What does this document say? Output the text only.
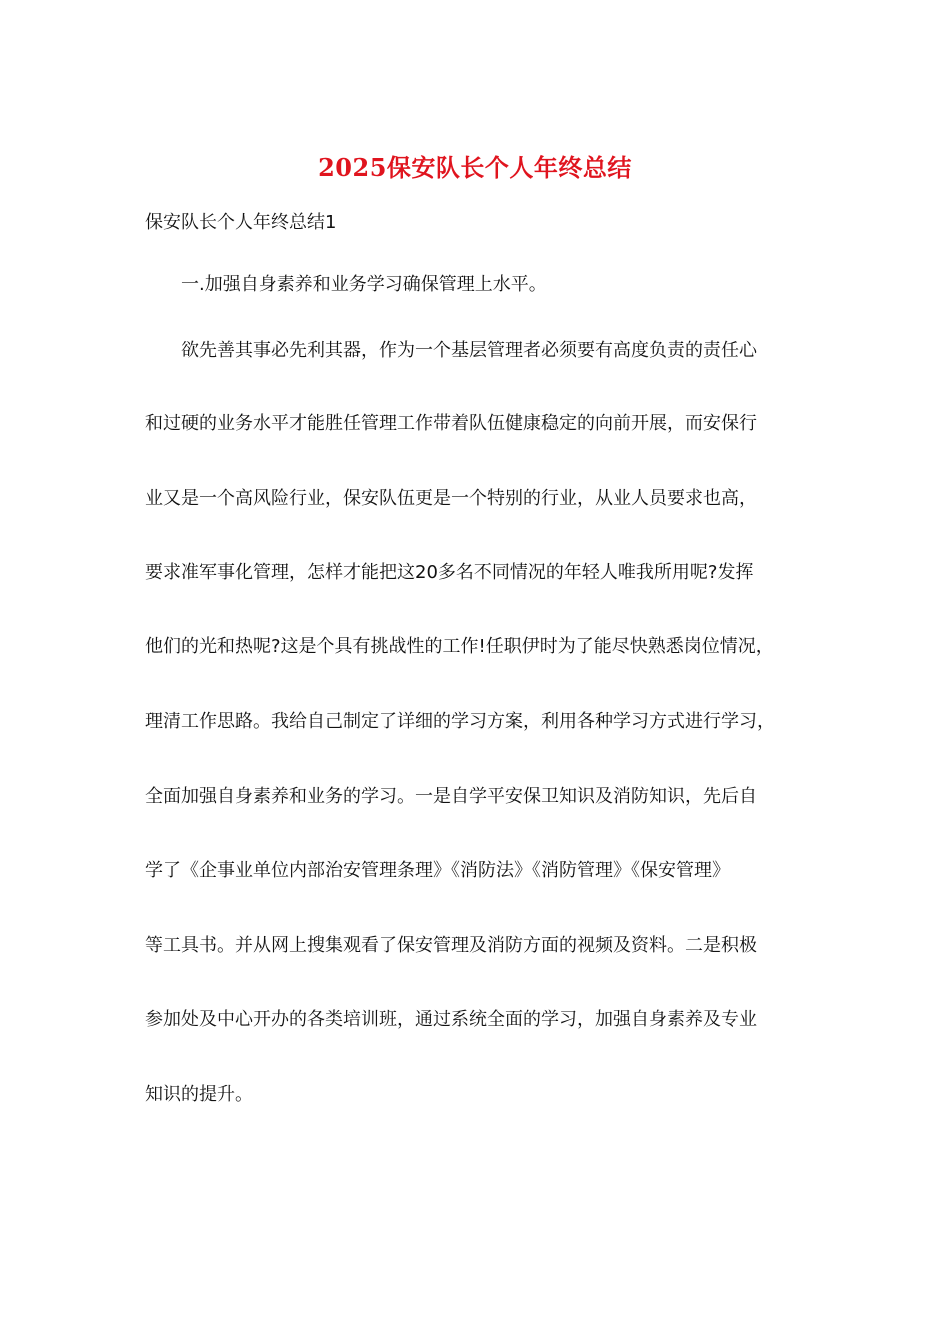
2025保安队长个人年终总结
保安队长个人年终总结1
一.加强自身素养和业务学习确保管理上水平。
　　欲先善其事必先利其器，作为一个基层管理者必须要有高度负责的责任心
和过硬的业务水平才能胜任管理工作带着队伍健康稳定的向前开展，而安保行
业又是一个高风险行业，保安队伍更是一个特别的行业，从业人员要求也高，
要求准军事化管理，怎样才能把这20多名不同情况的年轻人唯我所用呢?发挥
他们的光和热呢?这是个具有挑战性的工作!任职伊时为了能尽快熟悉岗位情况，
理清工作思路。我给自己制定了详细的学习方案，利用各种学习方式进行学习，
全面加强自身素养和业务的学习。一是自学平安保卫知识及消防知识，先后自
学了《企事业单位内部治安管理条理》《消防法》《消防管理》《保安管理》
等工具书。并从网上搜集观看了保安管理及消防方面的视频及资料。二是积极
参加处及中心开办的各类培训班，通过系统全面的学习，加强自身素养及专业
知识的提升。
